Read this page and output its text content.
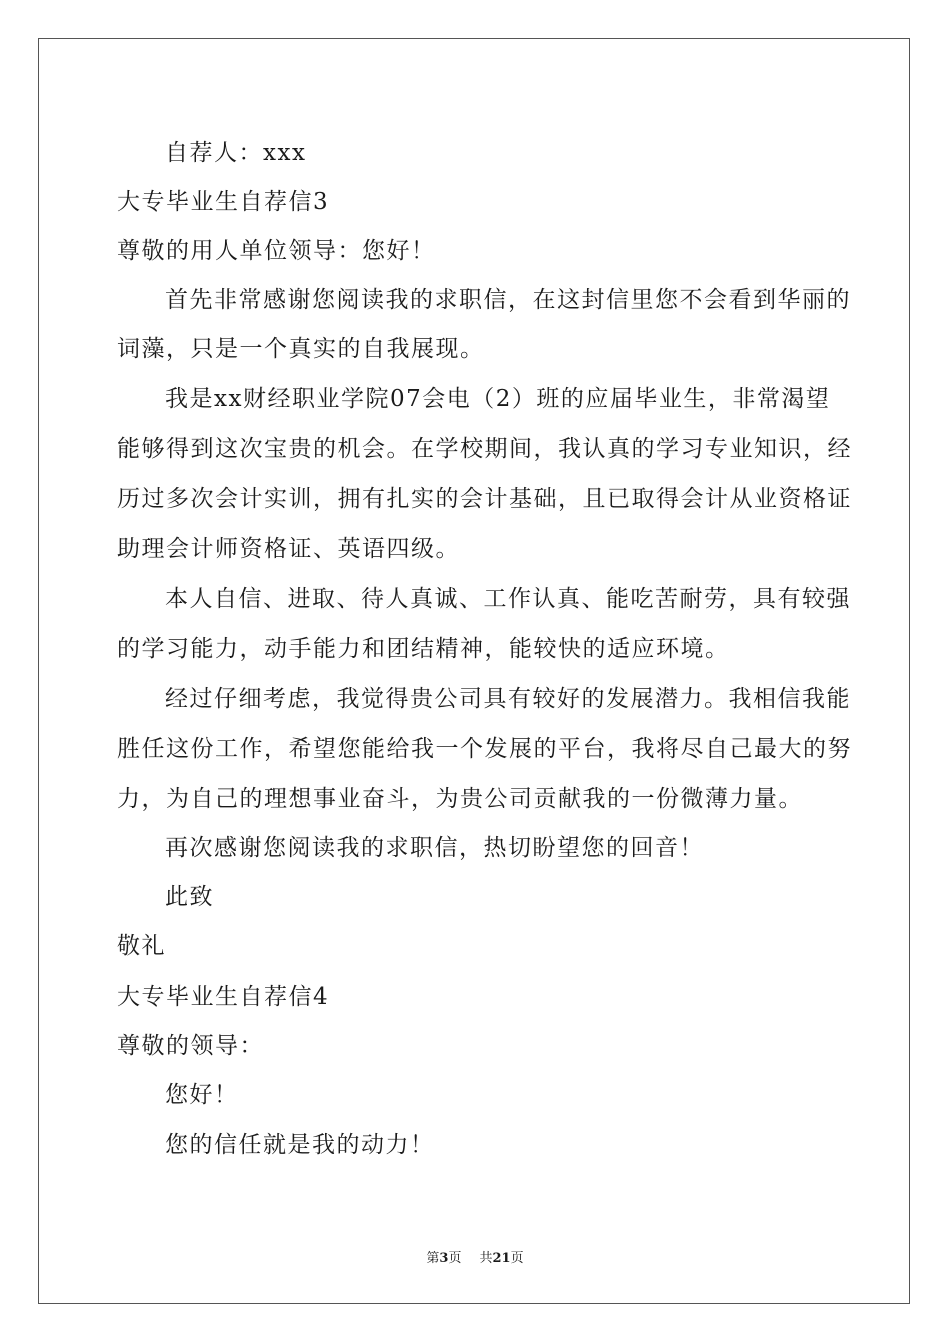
自荐人：xxx
大专毕业生自荐信3
尊敬的用人单位领导：您好！
首先非常感谢您阅读我的求职信，在这封信里您不会看到华丽的
词藻，只是一个真实的自我展现。
我是xx财经职业学院07会电（2）班的应届毕业生，非常渴望
能够得到这次宝贵的机会。在学校期间，我认真的学习专业知识，经
历过多次会计实训，拥有扎实的会计基础，且已取得会计从业资格证
助理会计师资格证、英语四级。
本人自信、进取、待人真诚、工作认真、能吃苦耐劳，具有较强
的学习能力，动手能力和团结精神，能较快的适应环境。
经过仔细考虑，我觉得贵公司具有较好的发展潜力。我相信我能
胜任这份工作，希望您能给我一个发展的平台，我将尽自己最大的努
力，为自己的理想事业奋斗，为贵公司贡献我的一份微薄力量。
再次感谢您阅读我的求职信，热切盼望您的回音！
此致
敬礼
大专毕业生自荐信4
尊敬的领导：
您好！
您的信任就是我的动力！
第3页 共21页
